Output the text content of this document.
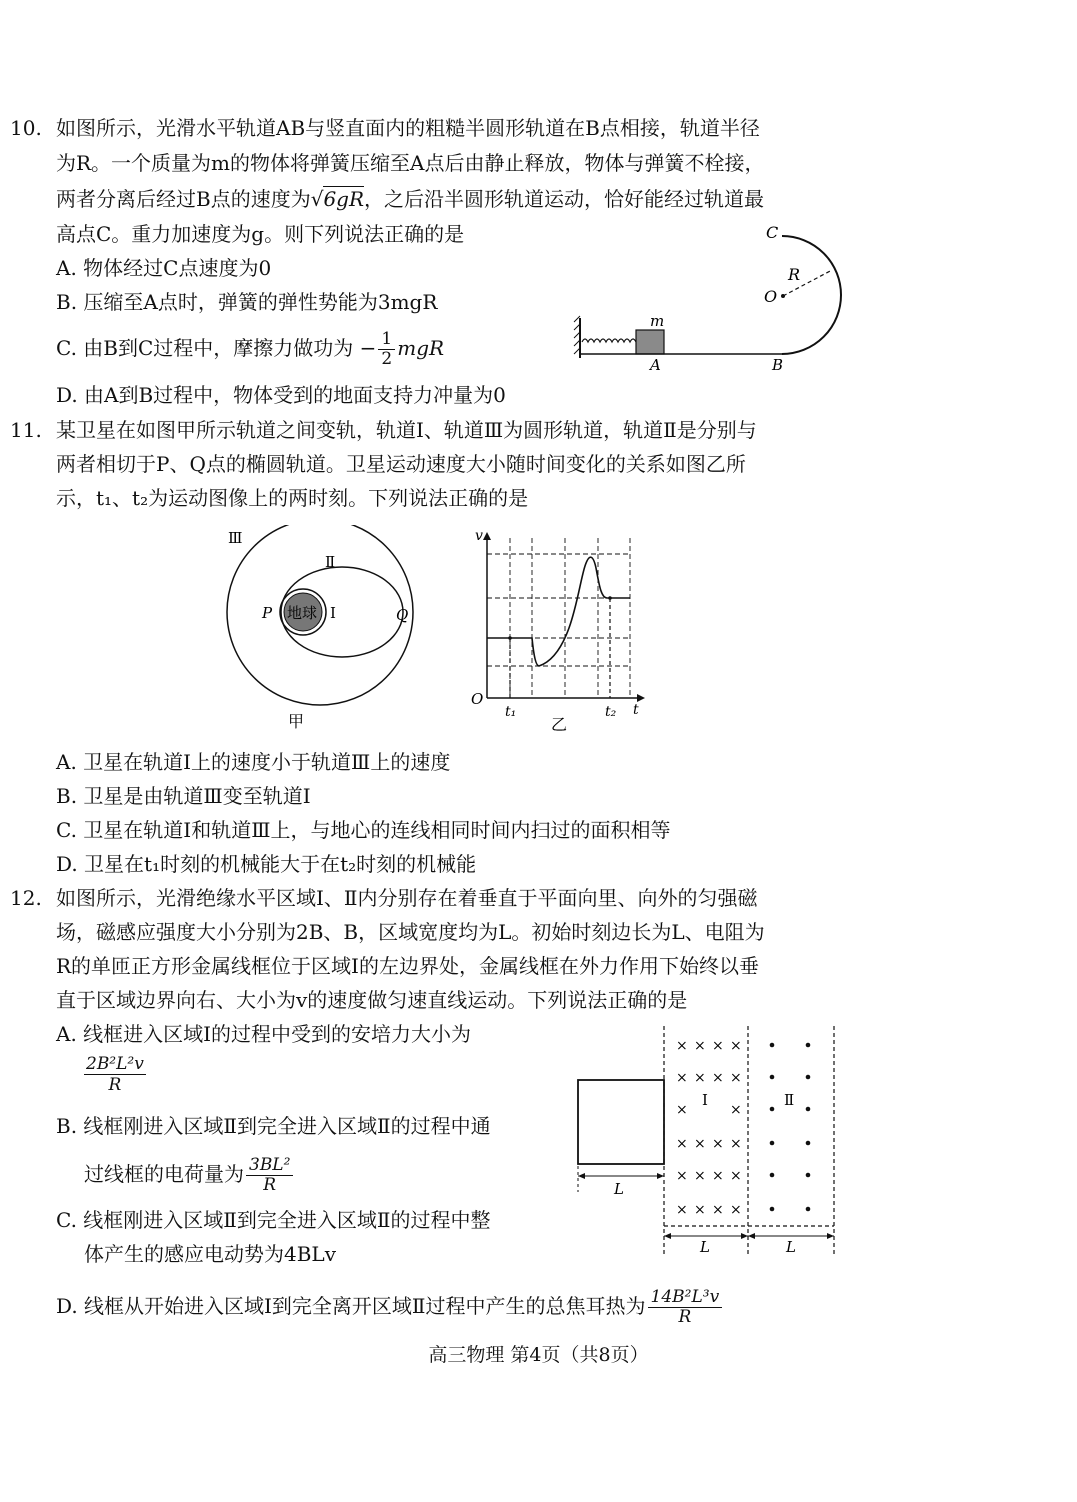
10. 如图所示，光滑水平轨道AB与竖直面内的粗糙半圆形轨道在B点相接，轨道半径
为R。一个质量为m的物体将弹簧压缩至A点后由静止释放，物体与弹簧不栓接，
两者分离后经过B点的速度为√6gR，之后沿半圆形轨道运动，恰好能经过轨道最
高点C。重力加速度为g。则下列说法正确的是
A. 物体经过C点速度为0
B. 压缩至A点时，弹簧的弹性势能为3mgR
C. 由B到C过程中，摩擦力做功为 − $\frac{1}{2}$ mgR
D. 由A到B过程中，物体受到的地面支持力冲量为0
C
R
O
m
A	B
11. 某卫星在如图甲所示轨道之间变轨，轨道Ⅰ、轨道Ⅲ为圆形轨道，轨道Ⅱ是分别与
两者相切于P、Q点的椭圆轨道。卫星运动速度大小随时间变化的关系如图乙所
示，t₁、t₂为运动图像上的两时刻。下列说法正确的是
地球
Ⅲ
Ⅱ
Ⅰ
P	Q
甲
v
O
t₁	t₂ t
乙
A. 卫星在轨道Ⅰ上的速度小于轨道Ⅲ上的速度
B. 卫星是由轨道Ⅲ变至轨道Ⅰ
C. 卫星在轨道Ⅰ和轨道Ⅲ上，与地心的连线相同时间内扫过的面积相等
D. 卫星在t₁时刻的机械能大于在t₂时刻的机械能
12. 如图所示，光滑绝缘水平区域Ⅰ、Ⅱ内分别存在着垂直于平面向里、向外的匀强磁
场，磁感应强度大小分别为2B、B，区域宽度均为L。初始时刻边长为L、电阻为
R的单匝正方形金属线框位于区域Ⅰ的左边界处，金属线框在外力作用下始终以垂
直于区域边界向右、大小为v的速度做匀速直线运动。下列说法正确的是
A. 线框进入区域Ⅰ的过程中受到的安培力大小为
$\frac{\text{2B²L²v}}{R}$
B. 线框刚进入区域Ⅱ到完全进入区域Ⅱ的过程中通
过线框的电荷量为 $\frac{\text{3BL²}}{R}$
C. 线框刚进入区域Ⅱ到完全进入区域Ⅱ的过程中整
体产生的感应电动势为4BLv
D. 线框从开始进入区域Ⅰ到完全离开区域Ⅱ过程中产生的总焦耳热为 $\frac{\text{14B²L³v}}{R}$
L
L	L
Ⅰ	Ⅱ
× × × ×
× × × ×
×	×
× × × ×
× × × ×
× × × ×
高三物理 第4页（共8页）
